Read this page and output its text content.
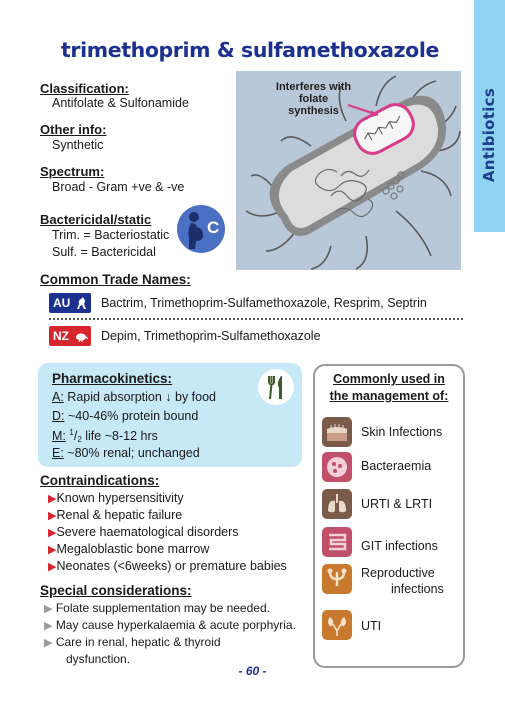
Antibiotics
trimethoprim & sulfamethoxazole
Classification:
Antifolate & Sulfonamide
Other info:
Synthetic
Spectrum:
Broad - Gram +ve & -ve
Bactericidal/static
Trim. = Bacteriostatic
Sulf. = Bactericidal
C
Interferes with
folate
synthesis
Common Trade Names:
AU Bactrim, Trimethoprim-Sulfamethoxazole, Resprim, Septrin
NZ	Depim, Trimethoprim-Sulfamethoxazole
Pharmacokinetics:
A: Rapid absorption ↓ by food
D: ~40-46% protein bound
M: $^1$/2 life ~8-12 hrs
E: ~80% renal; unchanged
Contraindications:
▶Known hypersensitivity
▶Renal & hepatic failure
▶Severe haematological disorders
▶Megaloblastic bone marrow
▶Neonates (<6weeks) or premature babies
Special considerations:
▶ Folate supplementation may be needed.
▶ May cause hyperkalaemia & acute porphyria.
▶ Care in renal, hepatic & thyroid
dysfunction.
Commonly used in
the management of:
Skin Infections
Bacteraemia
URTI & LRTI
GIT infections
Reproductive
infections
UTI
- 60 -
